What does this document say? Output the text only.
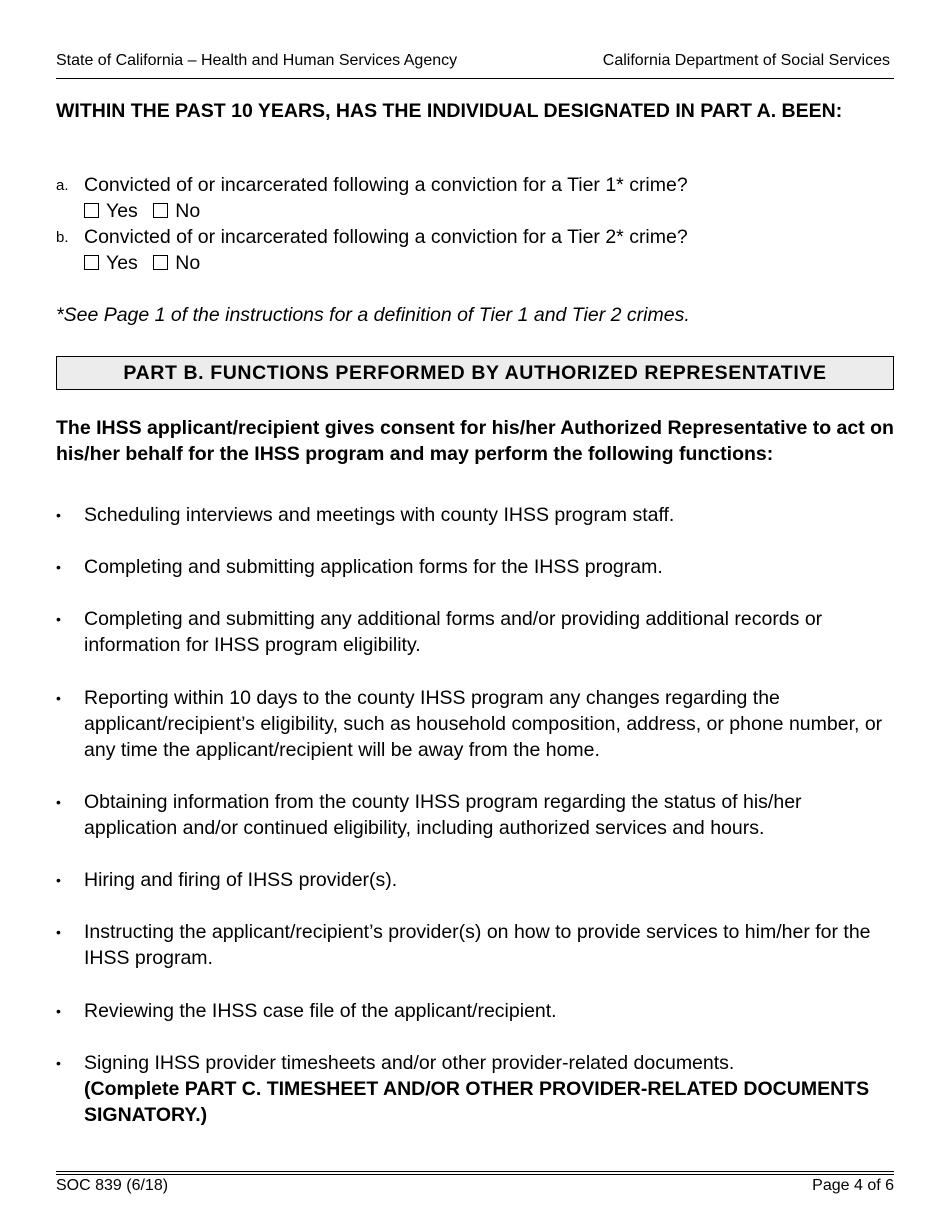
State of California – Health and Human Services Agency	California Department of Social Services
WITHIN THE PAST 10 YEARS, HAS THE INDIVIDUAL DESIGNATED IN PART A. BEEN:
a. Convicted of or incarcerated following a conviction for a Tier 1* crime?
Yes No
b. Convicted of or incarcerated following a conviction for a Tier 2* crime?
Yes No
*See Page 1 of the instructions for a definition of Tier 1 and Tier 2 crimes.
PART B. FUNCTIONS PERFORMED BY AUTHORIZED REPRESENTATIVE
The IHSS applicant/recipient gives consent for his/her Authorized Representative to act on his/her behalf for the IHSS program and may perform the following functions:
• Scheduling interviews and meetings with county IHSS program staff.
• Completing and submitting application forms for the IHSS program.
• Completing and submitting any additional forms and/or providing additional records or information for IHSS program eligibility.
• Reporting within 10 days to the county IHSS program any changes regarding the applicant/recipient’s eligibility, such as household composition, address, or phone number, or any time the applicant/recipient will be away from the home.
• Obtaining information from the county IHSS program regarding the status of his/her application and/or continued eligibility, including authorized services and hours.
• Hiring and firing of IHSS provider(s).
• Instructing the applicant/recipient’s provider(s) on how to provide services to him/her for the IHSS program.
• Reviewing the IHSS case file of the applicant/recipient.
• Signing IHSS provider timesheets and/or other provider-related documents.
(Complete PART C. TIMESHEET AND/OR OTHER PROVIDER-RELATED DOCUMENTS SIGNATORY.)
SOC 839 (6/18)	Page 4 of 6
